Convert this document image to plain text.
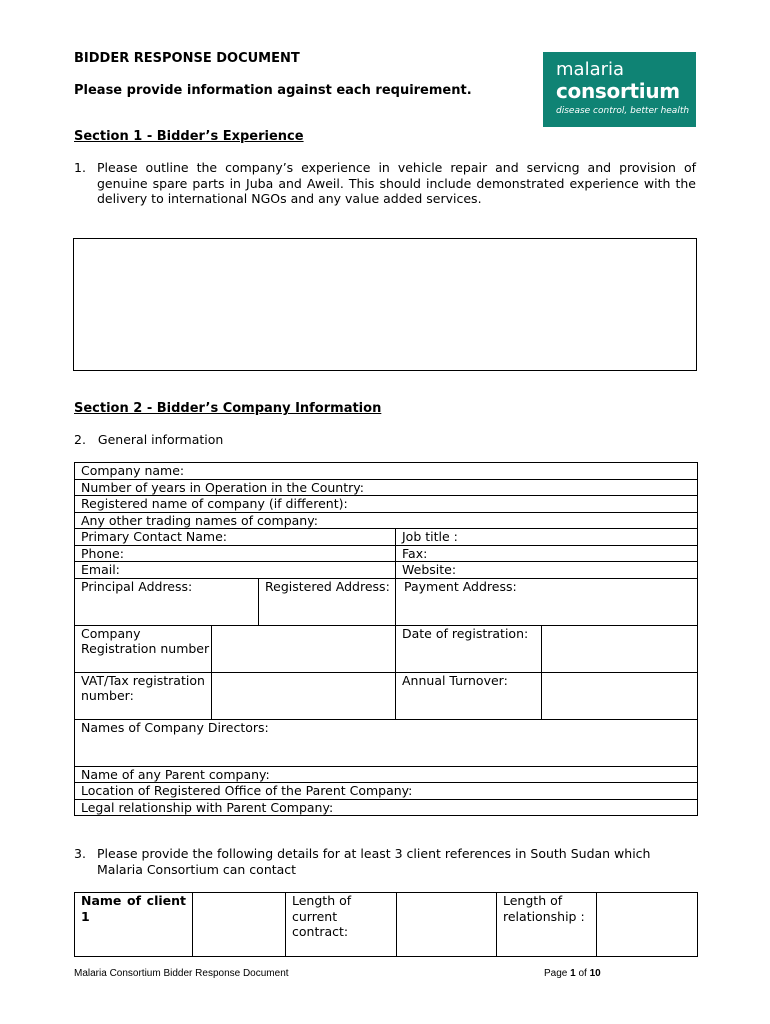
BIDDER RESPONSE DOCUMENT
Please provide information against each requirement.
malaria
consortium
disease control, better health
Section 1 - Bidder’s Experience
1. Please outline the company’s experience in vehicle repair and servicng and provision of genuine spare parts in Juba and Aweil. This should include demonstrated experience with the delivery to international NGOs and any value added services.
Section 2 - Bidder’s Company Information
2. General information
Company name:				
Number of years in Operation in the Country:				
Registered name of company (if different):				
Any other trading names of company:				
Primary Contact Name:			Job title :	
Phone:			Fax:	
Email:			Website:	
Principal Address:		Registered Address:	Payment Address:	
Company Registration number			Date of registration:	
VAT/Tax registration number:			Annual Turnover:	
Names of Company Directors:				
Name of any Parent company:				
Location of Registered Office of the Parent Company:				
Legal relationship with Parent Company:				
3. Please provide the following details for at least 3 client references in South Sudan which Malaria Consortium can contact
Name of client 1		Length of current contract:		Length of relationship :	
Malaria Consortium Bidder Response Document	Page 1 of 10
